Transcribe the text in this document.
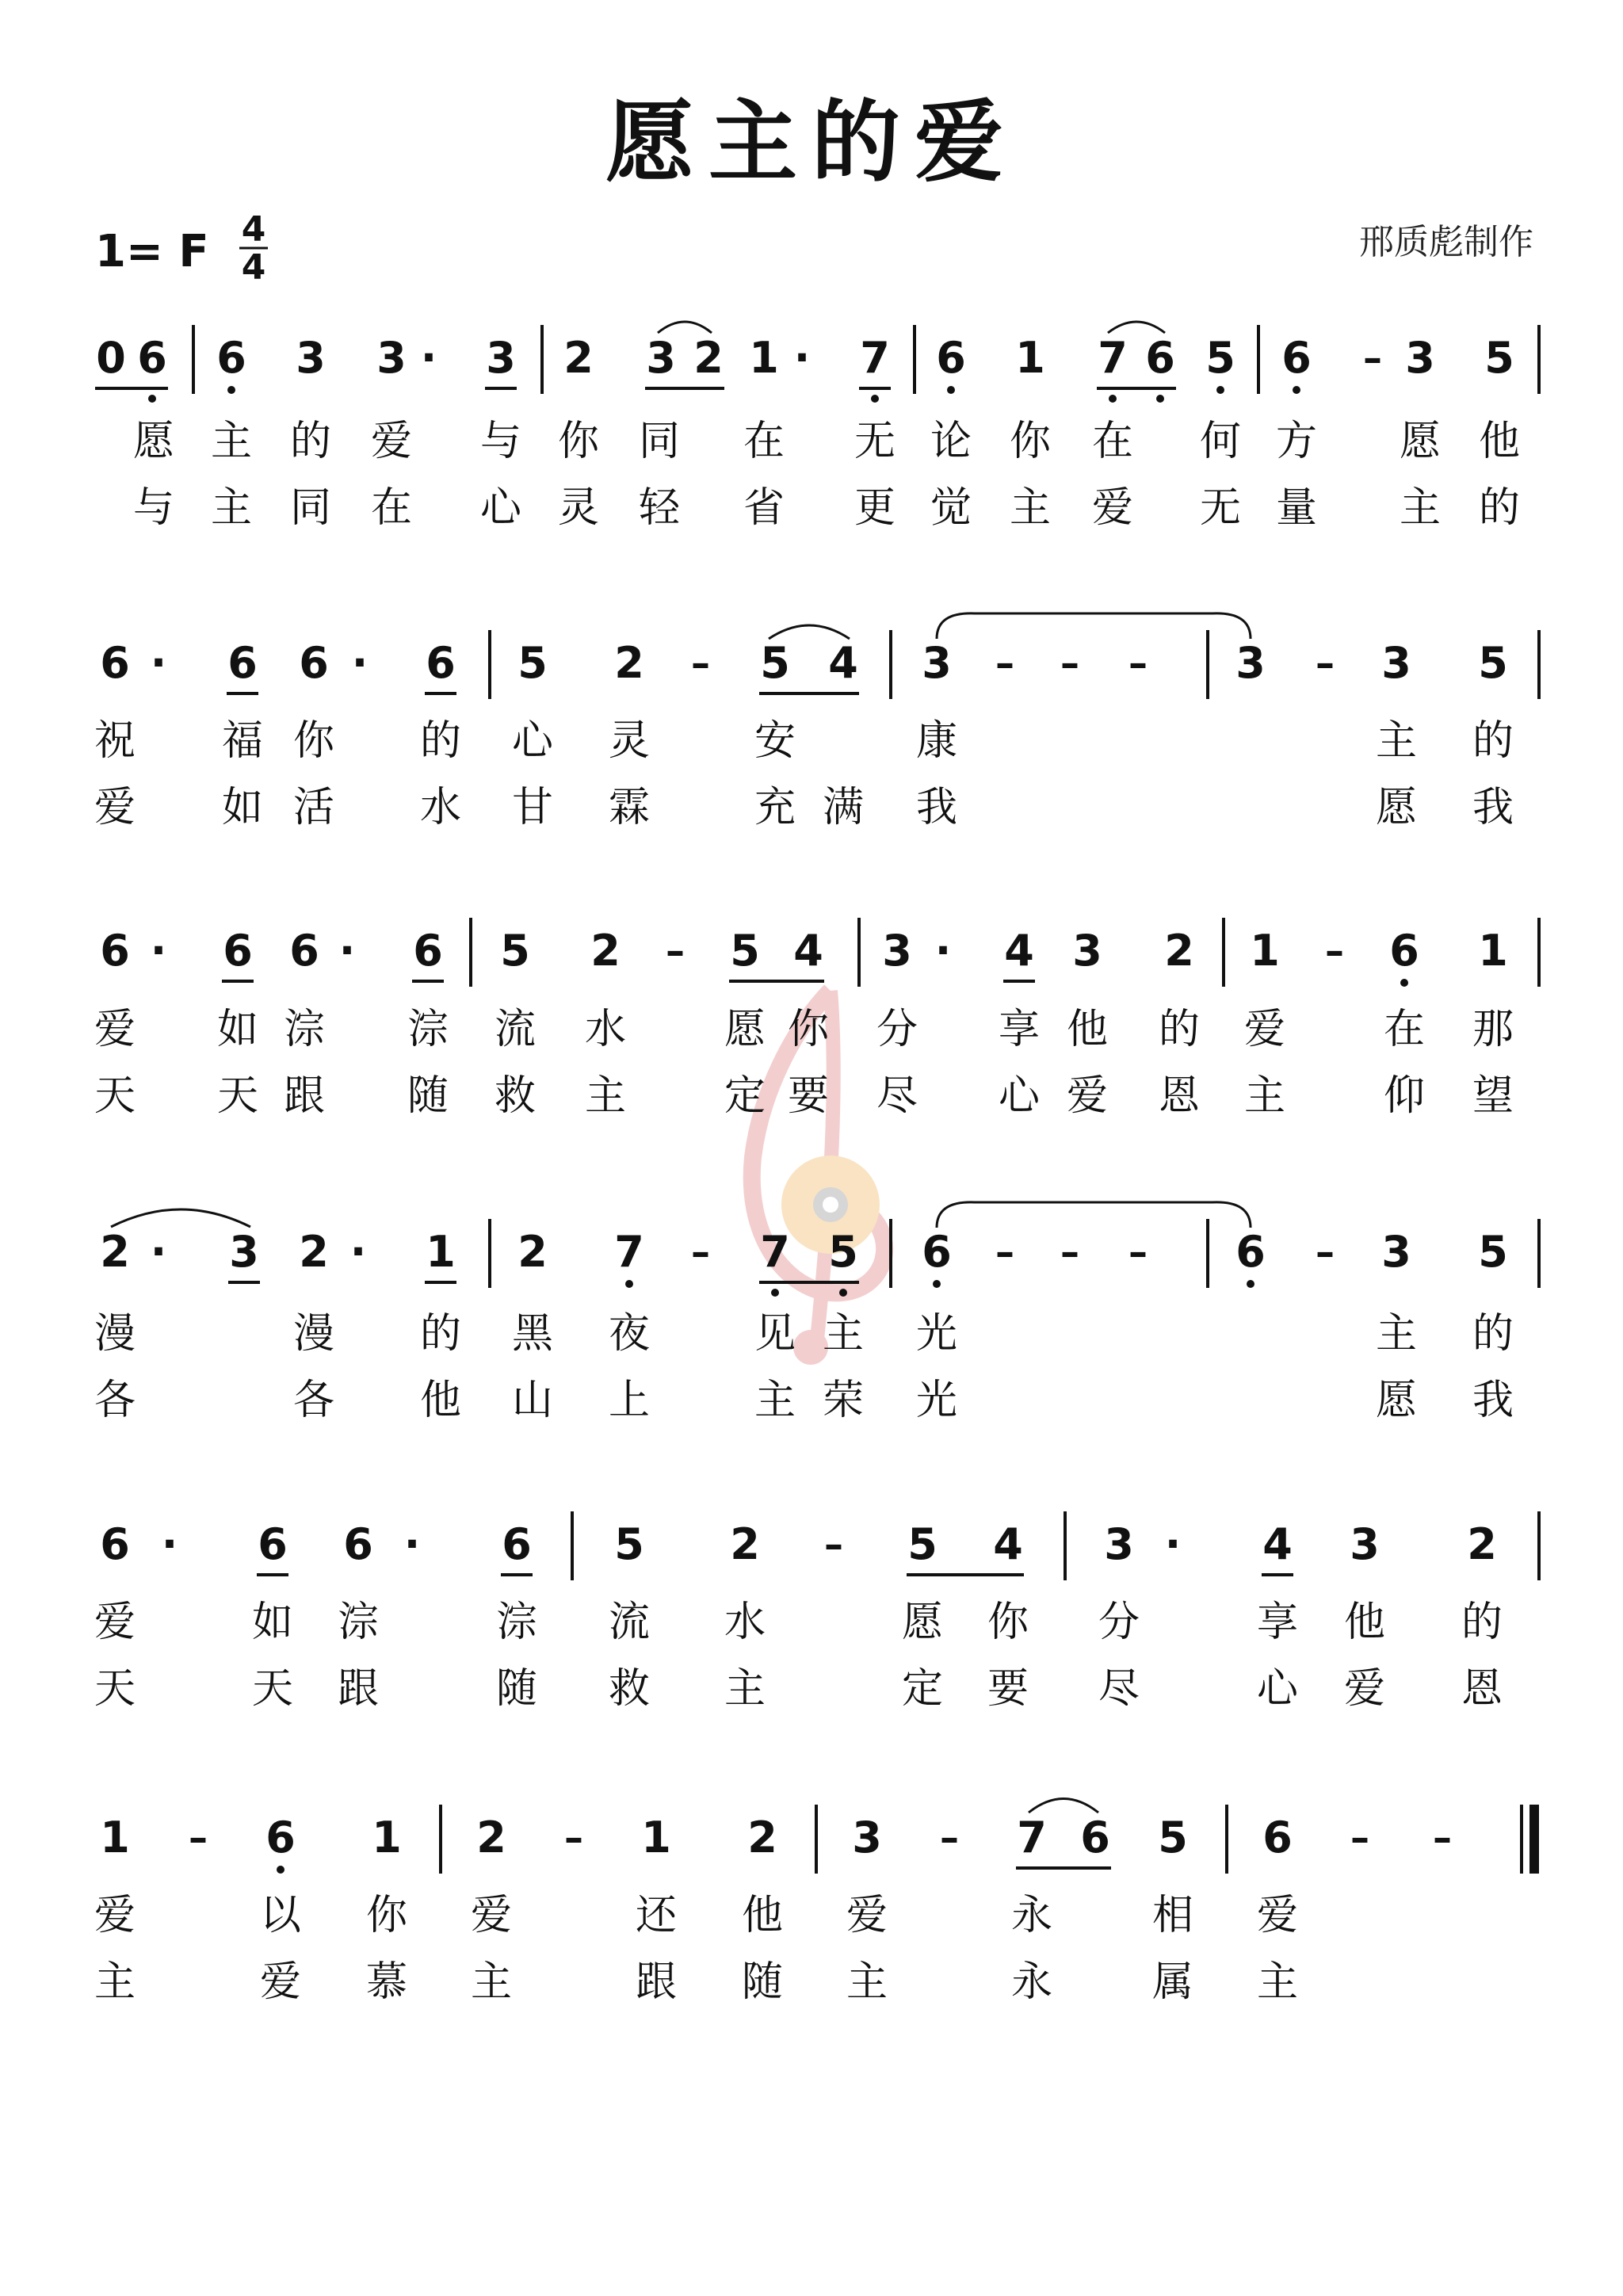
愿主的爱
1= F 4
4
邢质彪制作
0 6 6 3 3 · 3 2 3 2 1 · 7 6 1 7 6 5 6 – 3 5
愿 主 的 爱 与 你 同 在 无 论 你 在 何 方 愿 他
与 主 同 在 心 灵 轻 省 更 觉 主 爱 无 量 主 的
6 · 6 6 · 6 5 2 – 5 4 3 – – – 3 – 3 5
祝 福 你 的 心 灵	安	康	主 的
爱 如 活 水 甘 霖	充 满 我	愿 我
6 · 6 6 · 6 5 2 – 5 4 3 · 4 3 2 1 – 6 1
爱 如 淙 淙 流 水 愿 你 分 享 他 的 爱 在 那
天 天 跟 随 救 主 定 要 尽 心 爱 恩 主 仰 望
2 · 3 2 · 1 2 7 – 7 5 6 – – – 6 – 3 5
漫	漫 的 黑 夜	见 主 光	主 的
各	各 他 山 上	主 荣 光	愿 我
6 · 6 6 · 6 5 2 – 5 4 3 · 4 3 2
爱	如 淙	淙 流 水	愿 你 分	享 他 的
天	天 跟	随 救 主	定 要 尽	心 爱 恩
1 – 6 1 2 – 1 2 3 – 7 6 5 6 – –
爱	以 你 爱	还 他 爱	永 相 爱
主	爱 慕 主	跟 随 主	永 属 主
